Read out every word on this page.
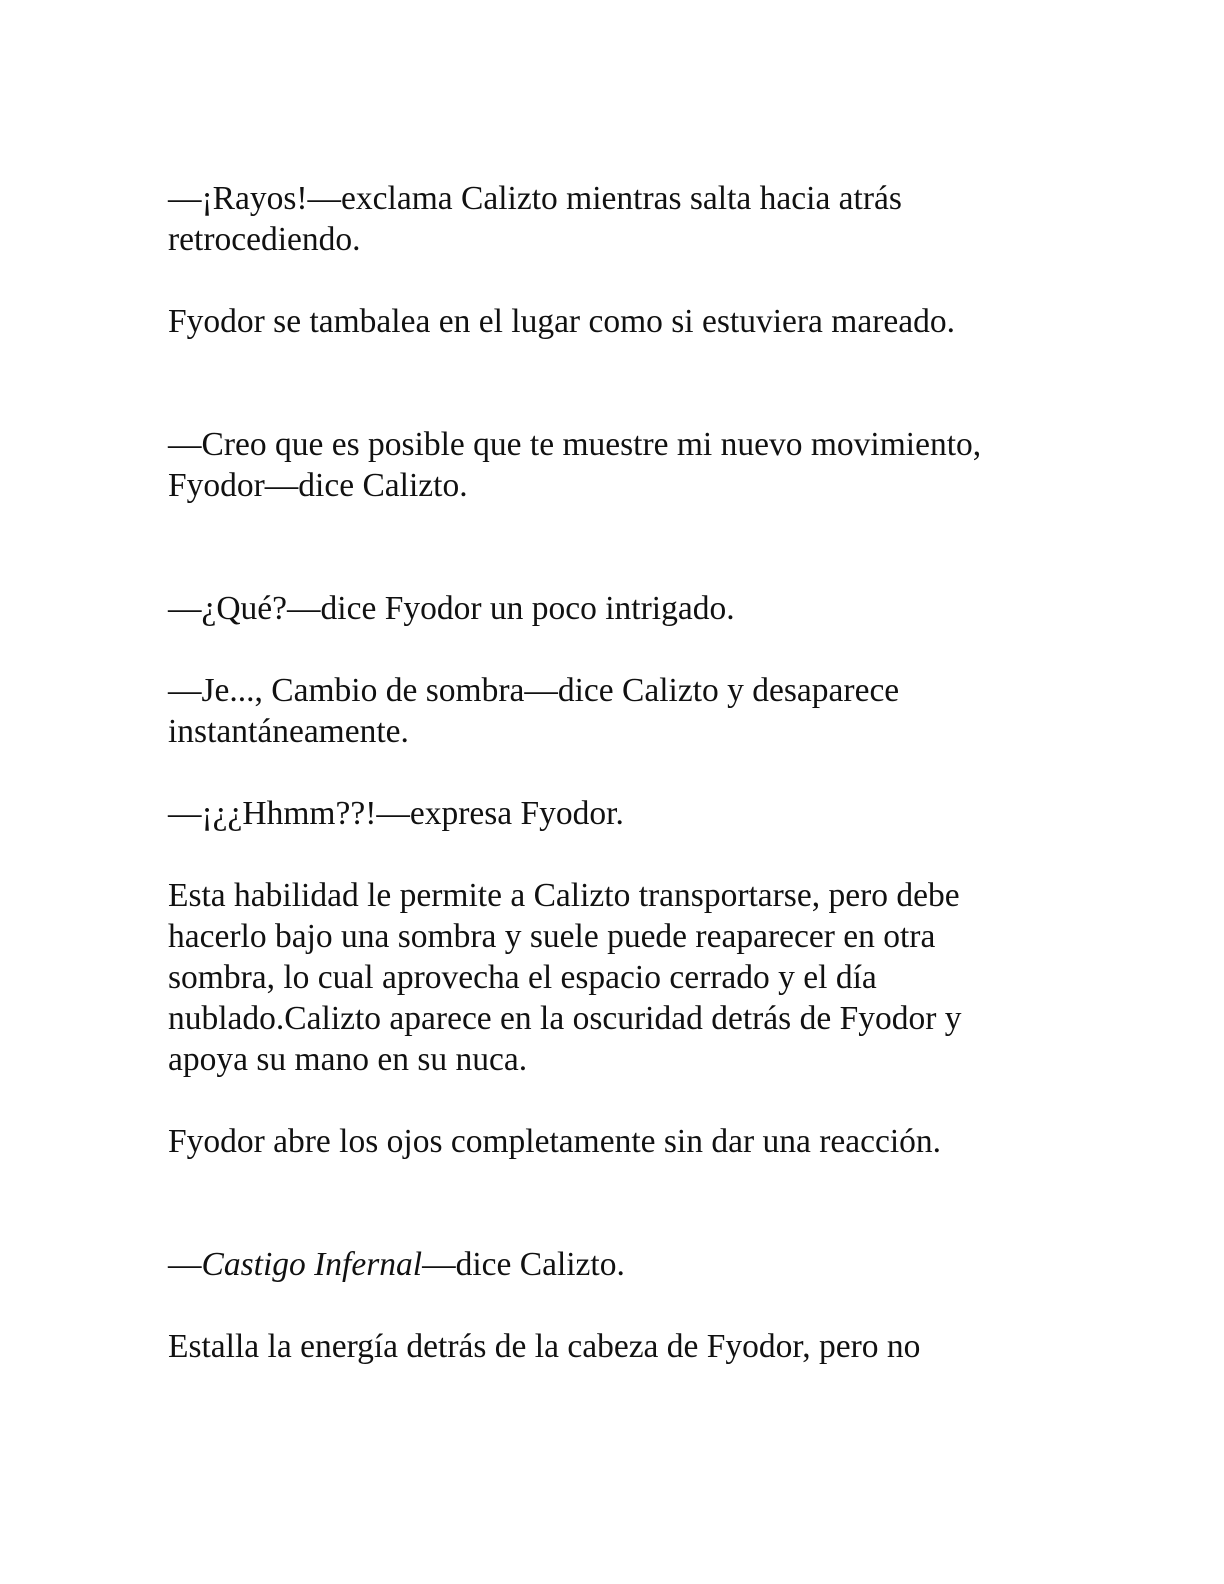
—¡Rayos!—exclama Calizto mientras salta hacia atrás retrocediendo.

Fyodor se tambalea en el lugar como si estuviera mareado.

—Creo que es posible que te muestre mi nuevo movimiento, Fyodor—dice Calizto.

—¿Qué?—dice Fyodor un poco intrigado.

—Je..., Cambio de sombra—dice Calizto y desaparece instantáneamente.

—¡¿¿Hhmm??!—expresa Fyodor.

Esta habilidad le permite a Calizto transportarse, pero debe hacerlo bajo una sombra y suele puede reaparecer en otra sombra, lo cual aprovecha el espacio cerrado y el día nublado.Calizto aparece en la oscuridad detrás de Fyodor y apoya su mano en su nuca.

Fyodor abre los ojos completamente sin dar una reacción.

—Castigo Infernal—dice Calizto.

Estalla la energía detrás de la cabeza de Fyodor, pero no
